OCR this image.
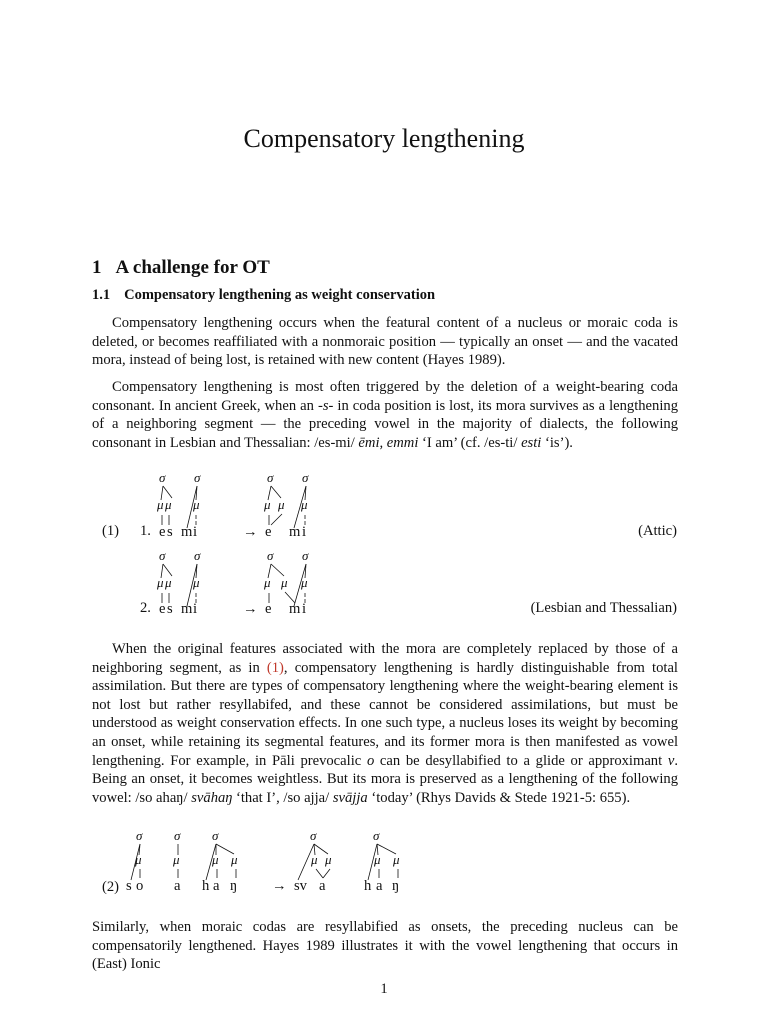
Compensatory lengthening
1 A challenge for OT
1.1 Compensatory lengthening as weight conservation

Compensatory lengthening occurs when the featural content of a nucleus or moraic coda is deleted, or becomes reaffiliated with a nonmoraic position — typically an onset — and the vacated mora, instead of being lost, is retained with new content (Hayes 1989).

Compensatory lengthening is most often triggered by the deletion of a weight-bearing coda consonant. In ancient Greek, when an -s- in coda position is lost, its mora survives as a lengthening of a neighboring segment — the preceding vowel in the majority of dialects, the following consonant in Lesbian and Thessalian: /es-mi/ ēmi, emmi ‘I am’ (cf. /es-ti/ esti ‘is’).

(1) 1.	(Attic)
2.	(Lesbian and Thessalian)
σ σ
μ μ μ
σ σ
μ μ μ
σ σ
μ μ μ
σ σ
μ μ μ
e s m i	→ e m i
e s m i	→ e m i

When the original features associated with the mora are completely replaced by those of a neighboring segment, as in (1), compensatory lengthening is hardly distinguishable from total assimilation. But there are types of compensatory lengthening where the weight-bearing element is not lost but rather resyllabifed, and these cannot be considered assimilations, but must be understood as weight conservation effects. In one such type, a nucleus loses its weight by becoming an onset, while retaining its segmental features, and its former mora is then manifested as vowel lengthening. For example, in Pāli prevocalic o can be desyllabified to a glide or approximant v. Being an onset, it becomes weightless. But its mora is preserved as a lengthening of the following vowel: /so ahaŋ/ svāhaŋ ‘that I’, /so ajja/ svājja ‘today’ (Rhys Davids & Stede 1921-5: 655).

(2)
σ σ σ
μ μ μ μ
σ	σ
μ μ	μ μ
s o a h a ŋ → sv a	h a ŋ

Similarly, when moraic codas are resyllabified as onsets, the preceding nucleus can be compensatorily lengthened. Hayes 1989 illustrates it with the vowel lengthening that occurs in (East) Ionic

1
